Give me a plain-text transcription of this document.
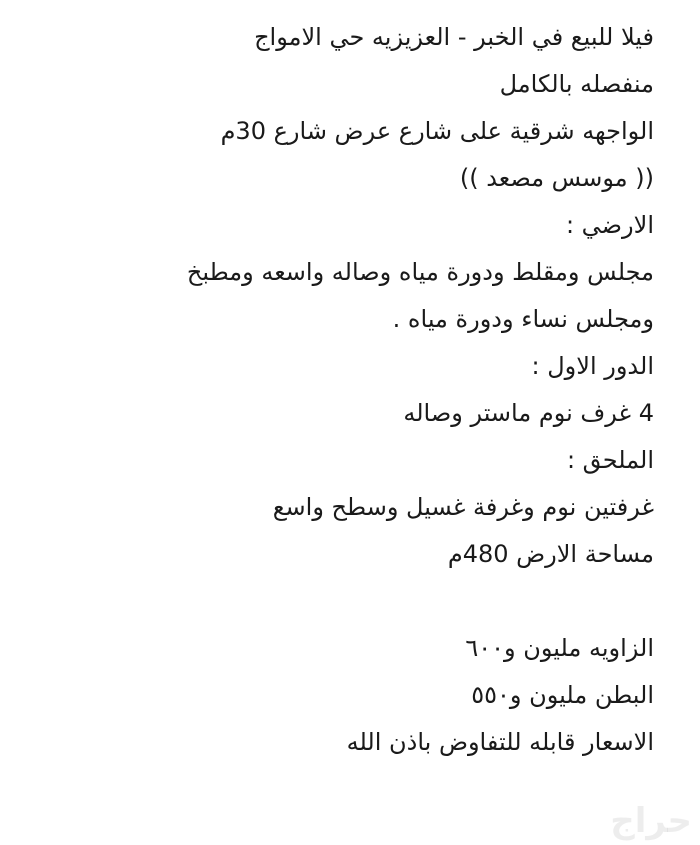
فيلا للبيع في الخبر - العزيزيه حي الامواج
منفصله بالكامل
الواجهه شرقية على شارع عرض شارع 30م
(( موسس مصعد ))
الارضي :
مجلس ومقلط ودورة مياه وصاله واسعه ومطبخ
ومجلس نساء ودورة مياه .
الدور الاول :
4 غرف نوم ماستر وصاله
الملحق :
غرفتين نوم وغرفة غسيل وسطح واسع
مساحة الارض 480م
الزاويه مليون و٦٠٠
البطن مليون و٥٥٠
الاسعار قابله للتفاوض باذن الله
حراج
